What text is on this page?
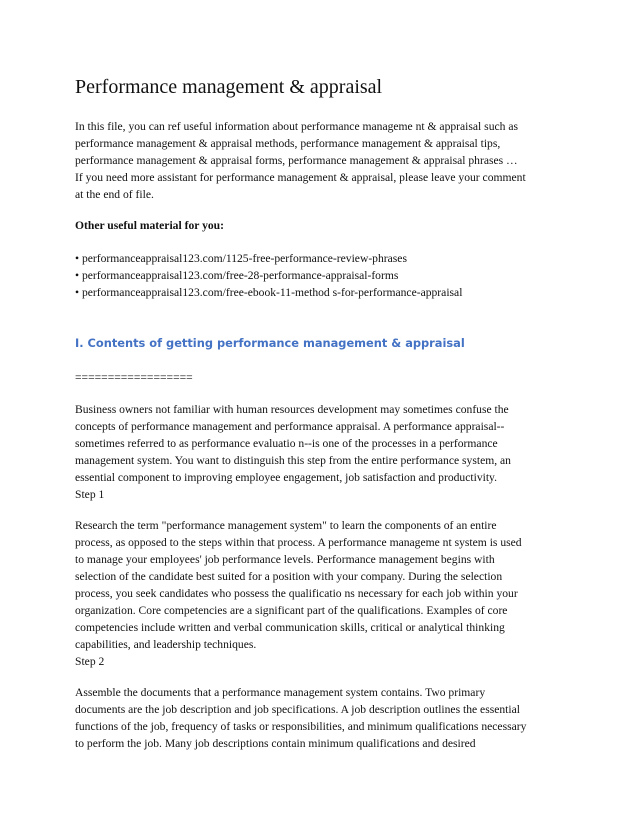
Performance management & appraisal
In this file, you can ref useful information about performance manageme nt & appraisal such as
performance management & appraisal methods, performance management & appraisal tips,
performance management & appraisal forms, performance management & appraisal phrases …
If you need more assistant for performance management & appraisal, please leave your comment
at the end of file.
Other useful material for you:
• performanceappraisal123.com/1125-free-performance-review-phrases
• performanceappraisal123.com/free-28-performance-appraisal-forms
• performanceappraisal123.com/free-ebook-11-method s-for-performance-appraisal
I. Contents of getting performance management & appraisal
==================
Business owners not familiar with human resources development may sometimes confuse the
concepts of performance management and performance appraisal. A performance appraisal--
sometimes referred to as performance evaluatio n--is one of the processes in a performance
management system. You want to distinguish this step from the entire performance system, an
essential component to improving employee engagement, job satisfaction and productivity.
Step 1
Research the term "performance management system" to learn the components of an entire
process, as opposed to the steps within that process. A performance manageme nt system is used
to manage your employees' job performance levels. Performance management begins with
selection of the candidate best suited for a position with your company. During the selection
process, you seek candidates who possess the qualificatio ns necessary for each job within your
organization. Core competencies are a significant part of the qualifications. Examples of core
competencies include written and verbal communication skills, critical or analytical thinking
capabilities, and leadership techniques.
Step 2
Assemble the documents that a performance management system contains. Two primary
documents are the job description and job specifications. A job description outlines the essential
functions of the job, frequency of tasks or responsibilities, and minimum qualifications necessary
to perform the job. Many job descriptions contain minimum qualifications and desired
